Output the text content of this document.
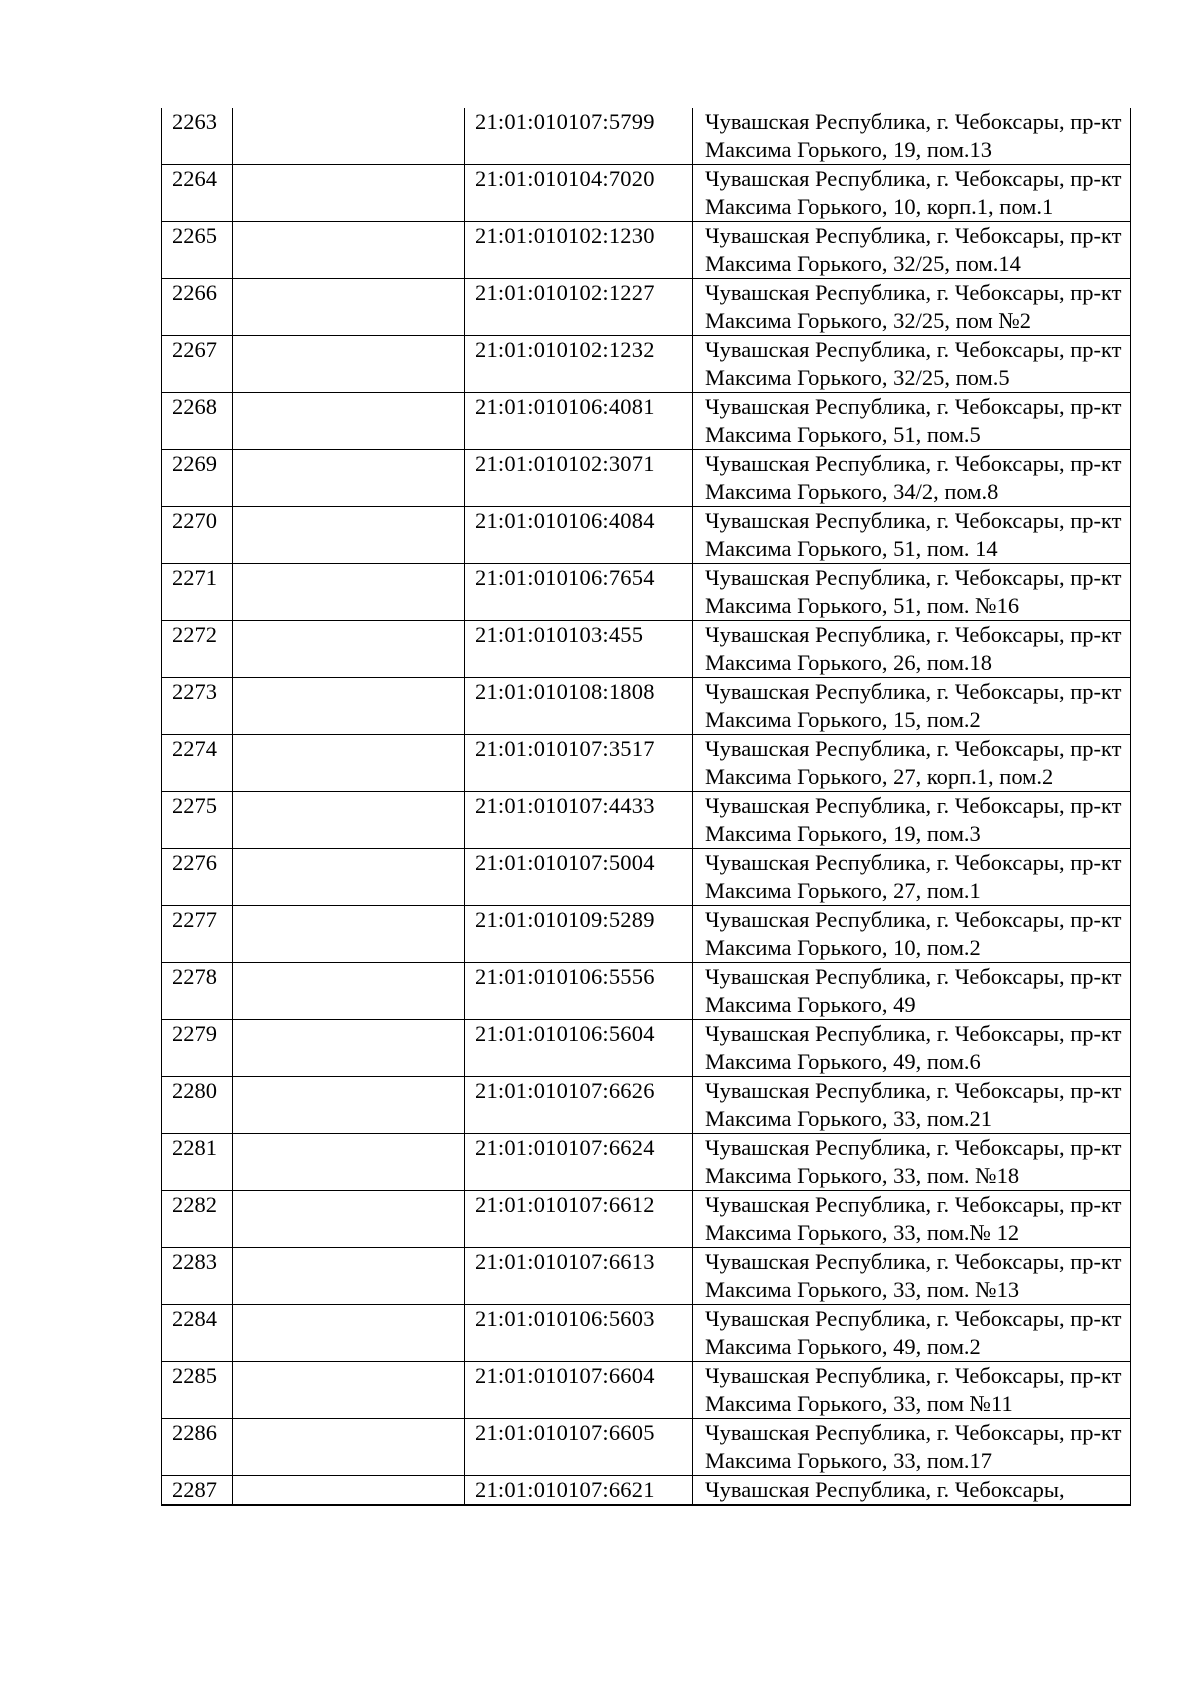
2263		21:01:010107:5799	Чувашская Республика, г. Чебоксары, пр-кт Максима Горького, 19, пом.13
2264		21:01:010104:7020	Чувашская Республика, г. Чебоксары, пр-кт Максима Горького, 10, корп.1, пом.1
2265		21:01:010102:1230	Чувашская Республика, г. Чебоксары, пр-кт Максима Горького, 32/25, пом.14
2266		21:01:010102:1227	Чувашская Республика, г. Чебоксары, пр-кт Максима Горького, 32/25, пом №2
2267		21:01:010102:1232	Чувашская Республика, г. Чебоксары, пр-кт Максима Горького, 32/25, пом.5
2268		21:01:010106:4081	Чувашская Республика, г. Чебоксары, пр-кт Максима Горького, 51, пом.5
2269		21:01:010102:3071	Чувашская Республика, г. Чебоксары, пр-кт Максима Горького, 34/2, пом.8
2270		21:01:010106:4084	Чувашская Республика, г. Чебоксары, пр-кт Максима Горького, 51, пом. 14
2271		21:01:010106:7654	Чувашская Республика, г. Чебоксары, пр-кт Максима Горького, 51, пом. №16
2272		21:01:010103:455	Чувашская Республика, г. Чебоксары, пр-кт Максима Горького, 26, пом.18
2273		21:01:010108:1808	Чувашская Республика, г. Чебоксары, пр-кт Максима Горького, 15, пом.2
2274		21:01:010107:3517	Чувашская Республика, г. Чебоксары, пр-кт Максима Горького, 27, корп.1, пом.2
2275		21:01:010107:4433	Чувашская Республика, г. Чебоксары, пр-кт Максима Горького, 19, пом.3
2276		21:01:010107:5004	Чувашская Республика, г. Чебоксары, пр-кт Максима Горького, 27, пом.1
2277		21:01:010109:5289	Чувашская Республика, г. Чебоксары, пр-кт Максима Горького, 10, пом.2
2278		21:01:010106:5556	Чувашская Республика, г. Чебоксары, пр-кт Максима Горького, 49
2279		21:01:010106:5604	Чувашская Республика, г. Чебоксары, пр-кт Максима Горького, 49, пом.6
2280		21:01:010107:6626	Чувашская Республика, г. Чебоксары, пр-кт Максима Горького, 33, пом.21
2281		21:01:010107:6624	Чувашская Республика, г. Чебоксары, пр-кт Максима Горького, 33, пом. №18
2282		21:01:010107:6612	Чувашская Республика, г. Чебоксары, пр-кт Максима Горького, 33, пом.№ 12
2283		21:01:010107:6613	Чувашская Республика, г. Чебоксары, пр-кт Максима Горького, 33, пом. №13
2284		21:01:010106:5603	Чувашская Республика, г. Чебоксары, пр-кт Максима Горького, 49, пом.2
2285		21:01:010107:6604	Чувашская Республика, г. Чебоксары, пр-кт Максима Горького, 33, пом №11
2286		21:01:010107:6605	Чувашская Республика, г. Чебоксары, пр-кт Максима Горького, 33, пом.17
2287		21:01:010107:6621	Чувашская Республика, г. Чебоксары,
